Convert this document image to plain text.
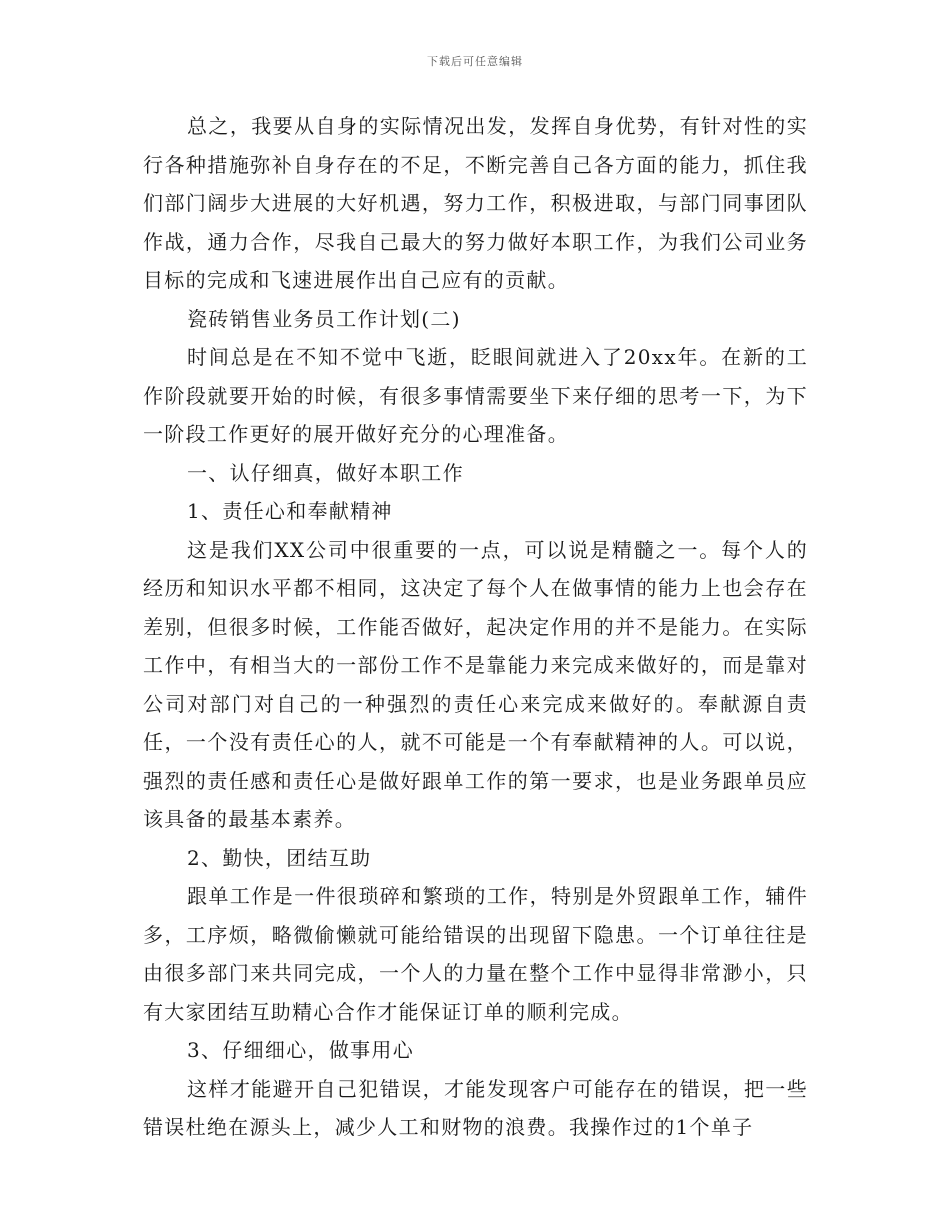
下载后可任意编辑

总之，我要从自身的实际情况出发，发挥自身优势，有针对性的实行各种措施弥补自身存在的不足，不断完善自己各方面的能力，抓住我们部门阔步大进展的大好机遇，努力工作，积极进取，与部门同事团队作战，通力合作，尽我自己最大的努力做好本职工作，为我们公司业务目标的完成和飞速进展作出自己应有的贡献。

瓷砖销售业务员工作计划(二)

时间总是在不知不觉中飞逝，眨眼间就进入了20xx年。在新的工作阶段就要开始的时候，有很多事情需要坐下来仔细的思考一下，为下一阶段工作更好的展开做好充分的心理准备。

一、认仔细真，做好本职工作

1、责任心和奉献精神

这是我们XX公司中很重要的一点，可以说是精髓之一。每个人的经历和知识水平都不相同，这决定了每个人在做事情的能力上也会存在差别，但很多时候，工作能否做好，起决定作用的并不是能力。在实际工作中，有相当大的一部份工作不是靠能力来完成来做好的，而是靠对公司对部门对自己的一种强烈的责任心来完成来做好的。奉献源自责任，一个没有责任心的人，就不可能是一个有奉献精神的人。可以说，强烈的责任感和责任心是做好跟单工作的第一要求，也是业务跟单员应该具备的最基本素养。

2、勤快，团结互助

跟单工作是一件很琐碎和繁琐的工作，特别是外贸跟单工作，辅件多，工序烦，略微偷懒就可能给错误的出现留下隐患。一个订单往往是由很多部门来共同完成，一个人的力量在整个工作中显得非常渺小，只有大家团结互助精心合作才能保证订单的顺利完成。

3、仔细细心，做事用心

这样才能避开自己犯错误，才能发现客户可能存在的错误，把一些错误杜绝在源头上，减少人工和财物的浪费。我操作过的1个单子
